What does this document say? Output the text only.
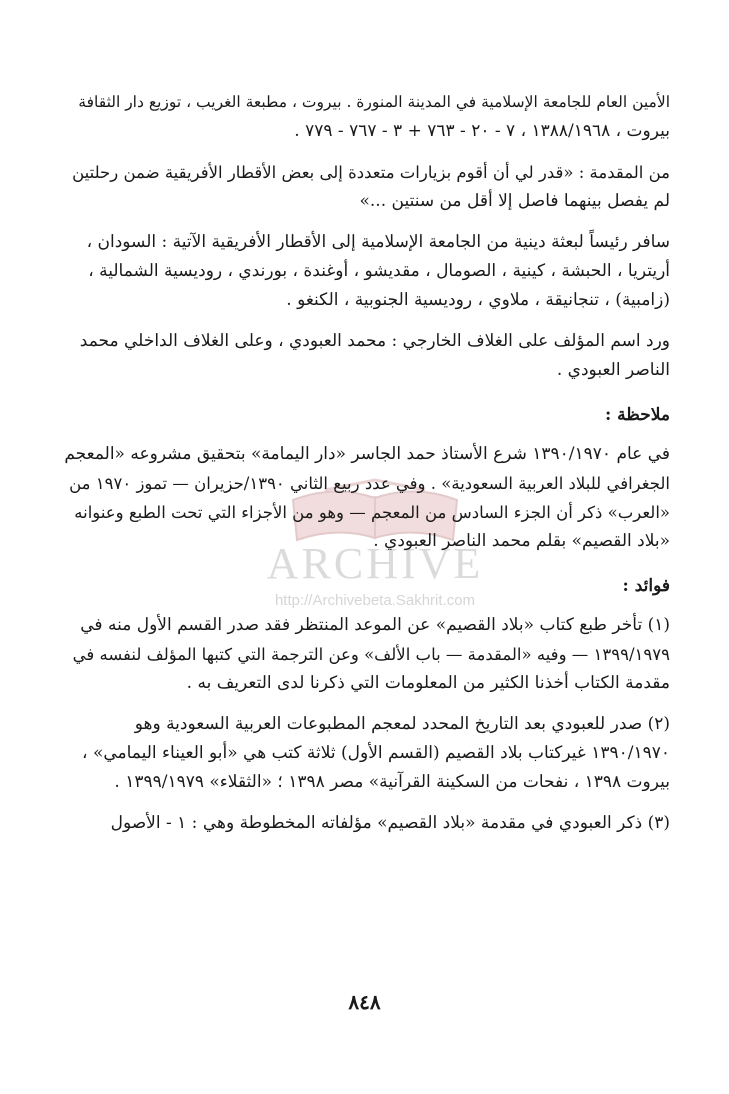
ARCHIVE
http://Archivebeta.Sakhrit.com
الأمين العام للجامعة الإسلامية في المدينة المنورة . بيروت ، مطبعة الغريب ، توزيع دار الثقافة
بيروت ، ١٣٨٨/١٩٦٨ ، ٧ - ٢٠ - ٧٦٣ + ٣ - ٧٦٧ - ٧٧٩ .
من المقدمة : «قدر لي أن أقوم بزيارات متعددة إلى بعض الأقطار الأفريقية ضمن رحلتين
لم يفصل بينهما فاصل إلا أقل من سنتين ...»
سافر رئيساً لبعثة دينية من الجامعة الإسلامية إلى الأقطار الأفريقية الآتية : السودان ،
أريتريا ، الحبشة ، كينية ، الصومال ، مقديشو ، أوغندة ، بورندي ، روديسية الشمالية ،
(زامبية) ، تنجانيقة ، ملاوي ، روديسية الجنوبية ، الكنغو .
ورد اسم المؤلف على الغلاف الخارجي : محمد العبودي ، وعلى الغلاف الداخلي محمد
الناصر العبودي .
ملاحظة :
في عام ١٣٩٠/١٩٧٠ شرع الأستاذ حمد الجاسر «دار اليمامة» بتحقيق مشروعه «المعجم
الجغرافي للبلاد العربية السعودية» . وفي عدد ربيع الثاني ١٣٩٠/حزيران — تموز ١٩٧٠ من
«العرب» ذكر أن الجزء السادس من المعجم — وهو من الأجزاء التي تحت الطبع وعنوانه
«بلاد القصيم» بقلم محمد الناصر العبودي .
فوائد :
(١) تأخر طبع كتاب «بلاد القصيم» عن الموعد المنتظر فقد صدر القسم الأول منه في
١٣٩٩/١٩٧٩ — وفيه «المقدمة — باب الألف» وعن الترجمة التي كتبها المؤلف لنفسه في
مقدمة الكتاب أخذنا الكثير من المعلومات التي ذكرنا لدى التعريف به .
(٢) صدر للعبودي بعد التاريخ المحدد لمعجم المطبوعات العربية السعودية وهو
١٣٩٠/١٩٧٠ غيركتاب بلاد القصيم (القسم الأول) ثلاثة كتب هي «أبو العيناء اليمامي» ،
بيروت ١٣٩٨ ، نفحات من السكينة القرآنية» مصر ١٣٩٨ ؛ «الثقلاء» ١٣٩٩/١٩٧٩ .
(٣) ذكر العبودي في مقدمة «بلاد القصيم» مؤلفاته المخطوطة وهي : ١ - الأصول
٨٤٨
